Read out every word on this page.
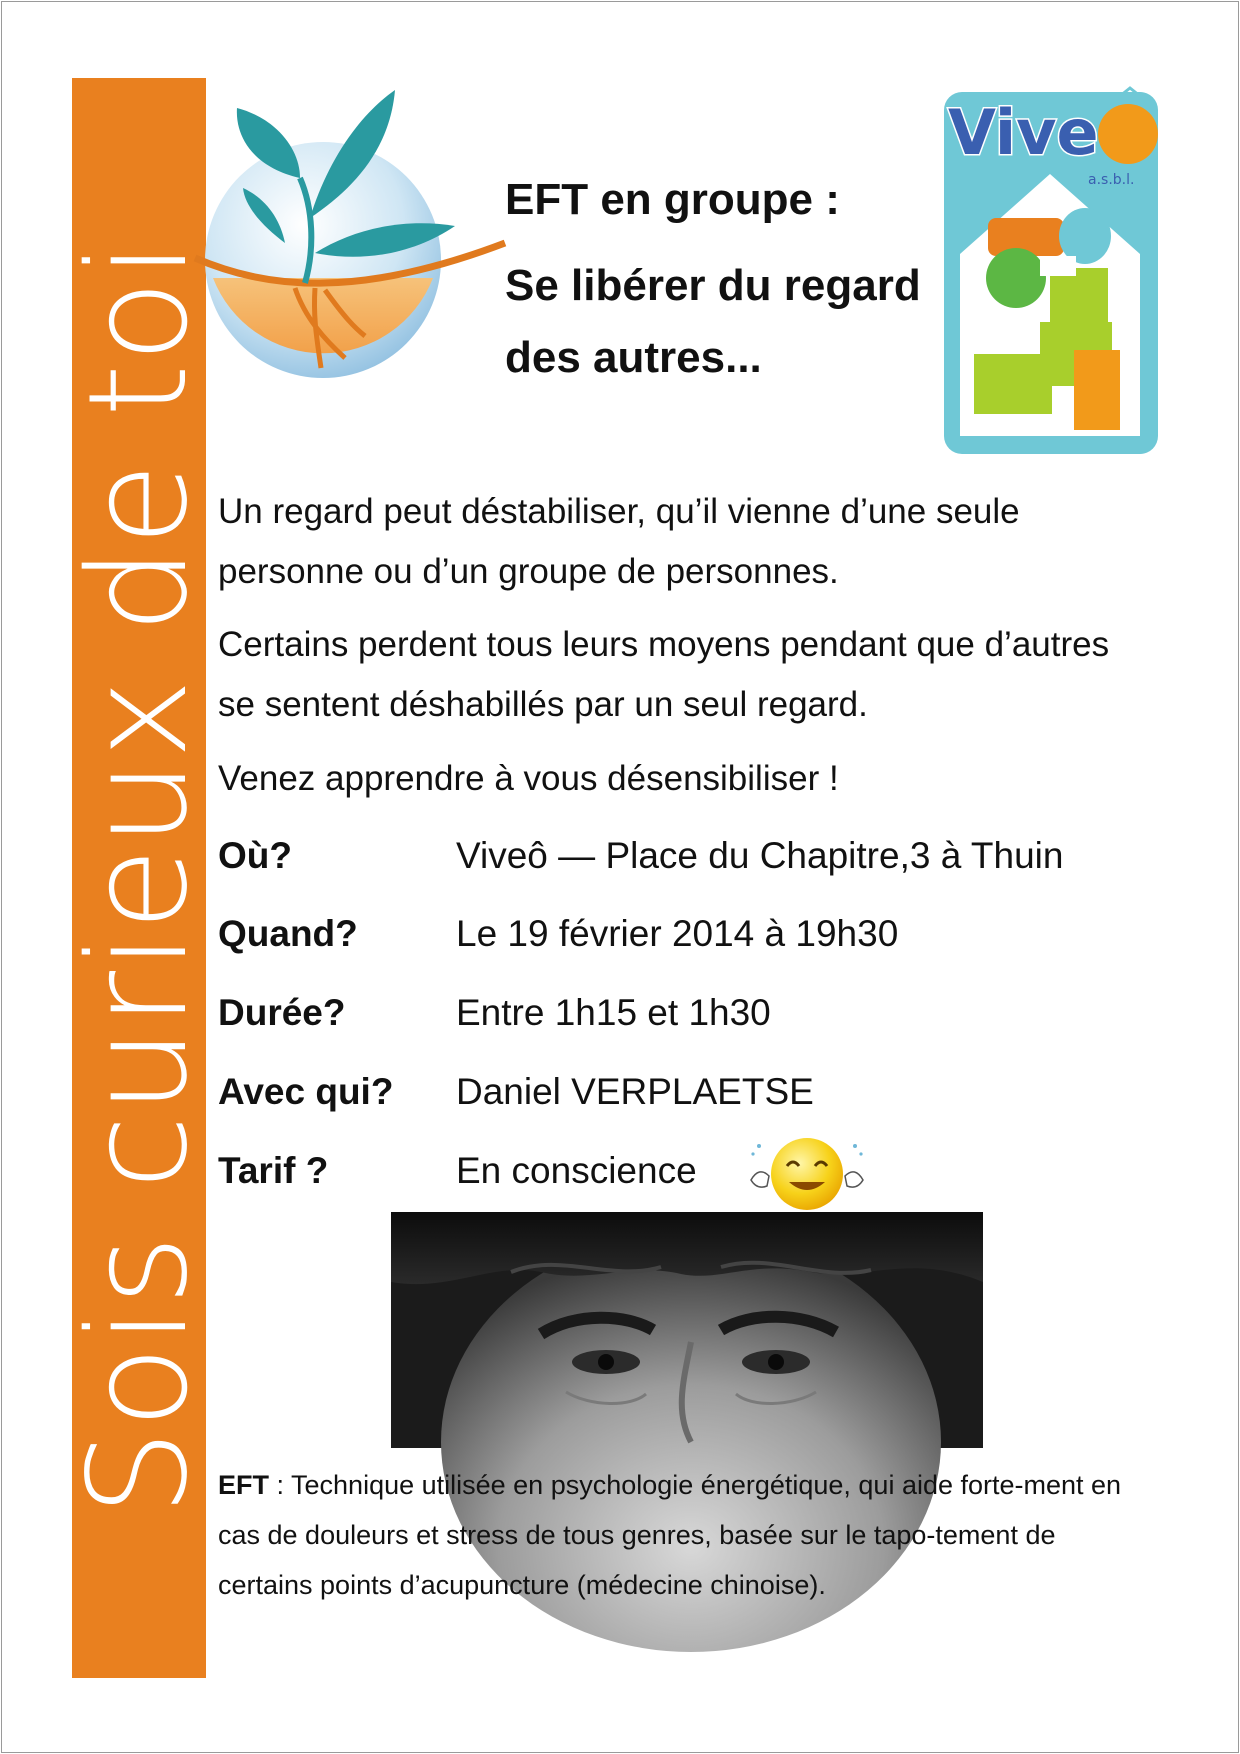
Sois curieux de toi
EFT en groupe :
Se libérer du regard
des autres...
Vive
a.s.b.l.
Un regard peut déstabiliser, qu’il vienne d’une seule personne ou d’un groupe de personnes.
Certains perdent tous leurs moyens pendant que d’autres se sentent déshabillés par un seul regard.
Venez apprendre à vous désensibiliser !
Où?	Viveô — Place du Chapitre,3 à Thuin
Quand?	Le 19 février 2014 à 19h30
Durée?	Entre 1h15 et 1h30
Avec qui? Daniel VERPLAETSE
Tarif ?	En conscience
EFT : Technique utilisée en psychologie énergétique, qui aide forte-ment en cas de douleurs et stress de tous genres, basée sur le tapo-tement de certains points d’acupuncture (médecine chinoise).
